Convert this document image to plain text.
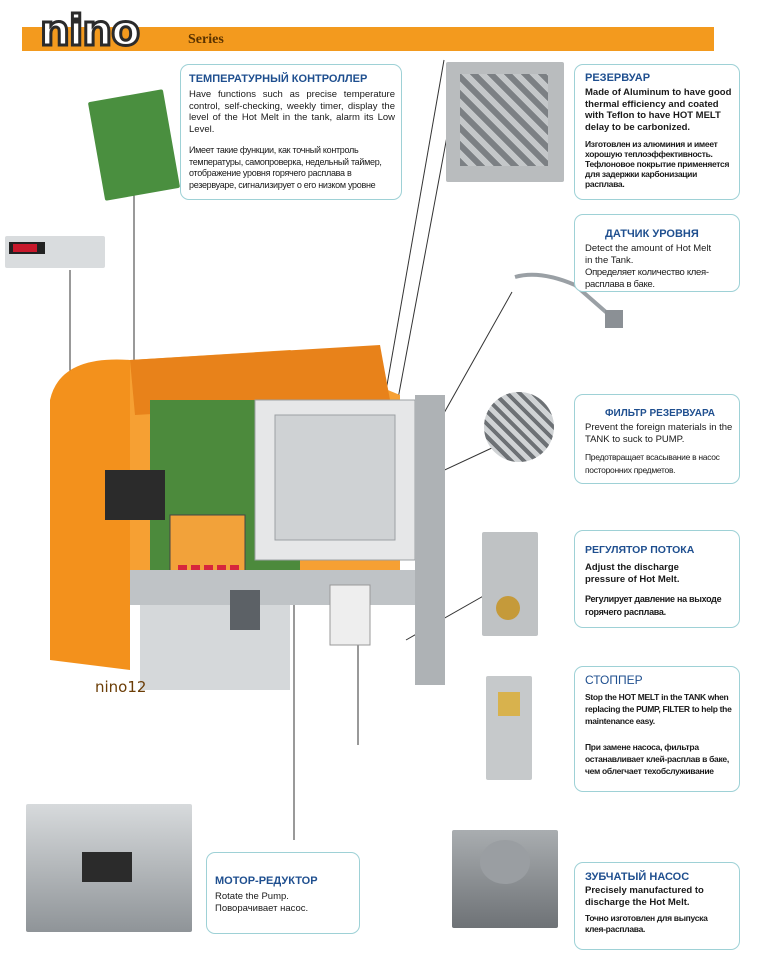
nino	Series
nino12
ТЕМПЕРАТУРНЫЙ КОНТРОЛЛЕР

Have functions such as precise temperature control, self-checking, weekly timer, display the level of the Hot Melt in the tank, alarm its Low Level.

Имеет такие функции, как точный контроль температуры, самопроверка, недельный таймер, отображение уровня горячего расплава в резервуаре, сигнализирует о его низком уровне

РЕЗЕРВУАР

Made of Aluminum to have good thermal efficiency and coated with Teflon to have HOT MELT delay to be carbonized.

Изготовлен из алюминия и имеет хорошую теплоэффективность. Тефлоновое покрытие применяется для задержки карбонизации расплава.

ДАТЧИК УРОВНЯ

Detect the amount of Hot Melt in the Tank.

Определяет количество клея-расплава в баке.

ФИЛЬТР РЕЗЕРВУАРА

Prevent the foreign materials in the TANK to suck to PUMP.

Предотвращает всасывание в насос посторонних предметов.

РЕГУЛЯТОР ПОТОКА

Adjust the discharge pressure of Hot Melt.

Регулирует давление на выходе горячего расплава.

СТОППЕР

Stop the HOT MELT in the TANK when replacing the PUMP, FILTER to help the maintenance easy.

При замене насоса, фильтра останавливает клей-расплав в баке, чем облегчает техобслуживание

МОТОР-РЕДУКТОР

Rotate the Pump.

Поворачивает насос.

ЗУБЧАТЫЙ НАСОС

Precisely manufactured to discharge the Hot Melt.

Точно изготовлен для выпуска клея-расплава.
